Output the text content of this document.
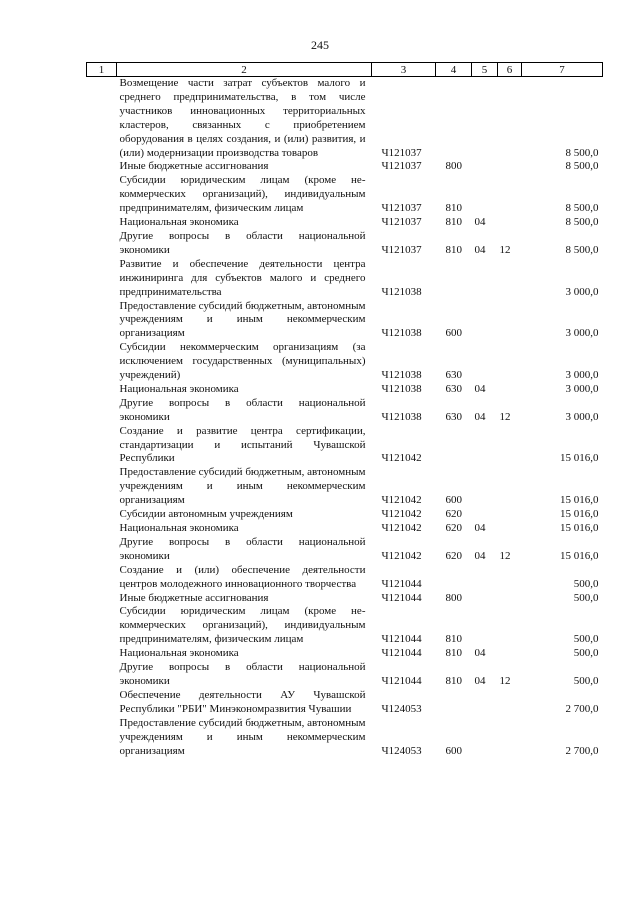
245
1	2	3	4	5	6	7
	Возмещение части затрат субъектов малого и среднего предпринимательства, в том числе участников инновационных территориальных кластеров, связанных с приобретением оборудования в целях создания, и (или) развития, и (или) модернизации производства товаров	Ч121037				8 500,0
	Иные бюджетные ассигнования	Ч121037	800			8 500,0
	Субсидии юридическим лицам (кроме некоммерческих организаций), индивидуальным предпринимателям, физическим лицам	Ч121037	810			8 500,0
	Национальная экономика	Ч121037	810	04		8 500,0
	Другие вопросы в области национальной экономики	Ч121037	810	04	12	8 500,0
	Развитие и обеспечение деятельности центра инжиниринга для субъектов малого и среднего предпринимательства	Ч121038				3 000,0
	Предоставление субсидий бюджетным, автономным учреждениям и иным некоммерческим организациям	Ч121038	600			3 000,0
	Субсидии некоммерческим организациям (за исключением государственных (муниципальных) учреждений)	Ч121038	630			3 000,0
	Национальная экономика	Ч121038	630	04		3 000,0
	Другие вопросы в области национальной экономики	Ч121038	630	04	12	3 000,0
	Создание и развитие центра сертификации, стандартизации и испытаний Чувашской Республики	Ч121042				15 016,0
	Предоставление субсидий бюджетным, автономным учреждениям и иным некоммерческим организациям	Ч121042	600			15 016,0
	Субсидии автономным учреждениям	Ч121042	620			15 016,0
	Национальная экономика	Ч121042	620	04		15 016,0
	Другие вопросы в области национальной экономики	Ч121042	620	04	12	15 016,0
	Создание и (или) обеспечение деятельности центров молодежного инновационного творчества	Ч121044				500,0
	Иные бюджетные ассигнования	Ч121044	800			500,0
	Субсидии юридическим лицам (кроме некоммерческих организаций), индивидуальным предпринимателям, физическим лицам	Ч121044	810			500,0
	Национальная экономика	Ч121044	810	04		500,0
	Другие вопросы в области национальной экономики	Ч121044	810	04	12	500,0
	Обеспечение деятельности АУ Чувашской Республики "РБИ" Минэкономразвития Чувашии	Ч124053				2 700,0
	Предоставление субсидий бюджетным, автономным учреждениям и иным некоммерческим организациям	Ч124053	600			2 700,0
